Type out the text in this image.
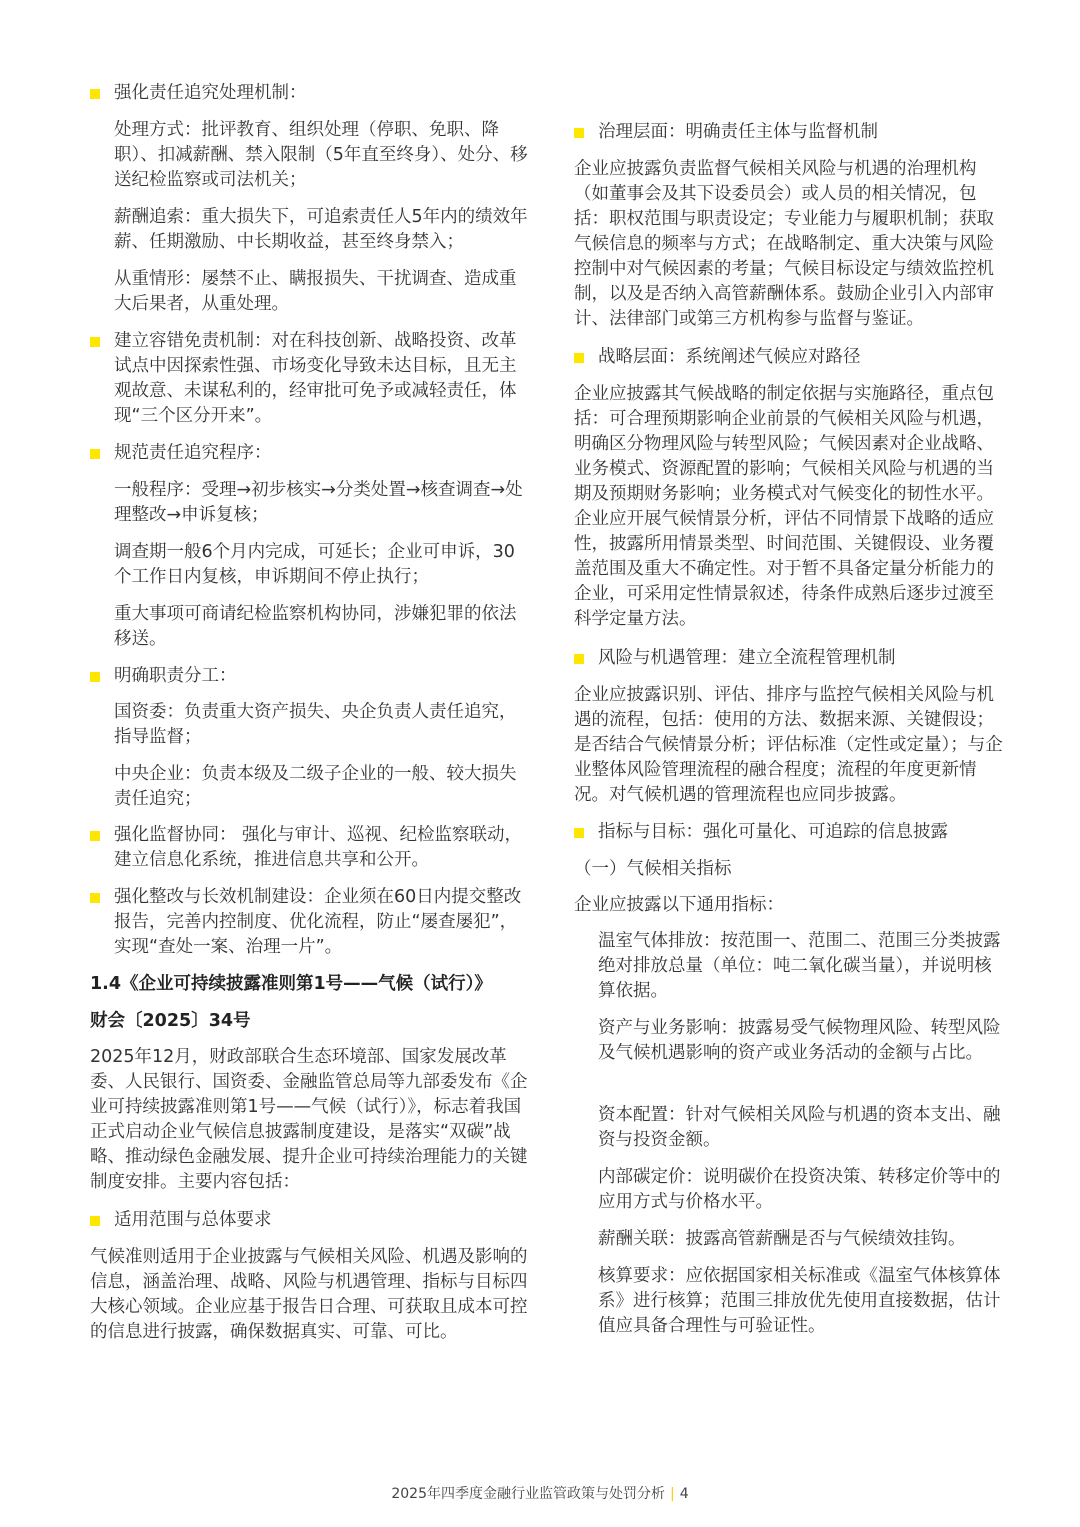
强化责任追究处理机制：

处理方式：批评教育、组织处理（停职、免职、降职）、扣减薪酬、禁入限制（5年直至终身）、处分、移送纪检监察或司法机关；

薪酬追索：重大损失下，可追索责任人5年内的绩效年薪、任期激励、中长期收益，甚至终身禁入；

从重情形：屡禁不止、瞒报损失、干扰调查、造成重大后果者，从重处理。

建立容错免责机制：对在科技创新、战略投资、改革试点中因探索性强、市场变化导致未达目标，且无主观故意、未谋私利的，经审批可免予或减轻责任，体现“三个区分开来”。

规范责任追究程序：

一般程序：受理→初步核实→分类处置→核查调查→处理整改→申诉复核；

调查期一般6个月内完成，可延长；企业可申诉，30个工作日内复核，申诉期间不停止执行；

重大事项可商请纪检监察机构协同，涉嫌犯罪的依法移送。

明确职责分工：

国资委：负责重大资产损失、央企负责人责任追究，指导监督；

中央企业：负责本级及二级子企业的一般、较大损失责任追究；

强化监督协同： 强化与审计、巡视、纪检监察联动，建立信息化系统，推进信息共享和公开。

强化整改与长效机制建设：企业须在60日内提交整改报告，完善内控制度、优化流程，防止“屡查屡犯”，实现“查处一案、治理一片”。

1.4《企业可持续披露准则第1号——气候（试行）》

财会〔2025〕34号

2025年12月，财政部联合生态环境部、国家发展改革委、人民银行、国资委、金融监管总局等九部委发布《企业可持续披露准则第1号——气候（试行）》，标志着我国正式启动企业气候信息披露制度建设，是落实“双碳”战略、推动绿色金融发展、提升企业可持续治理能力的关键制度安排。主要内容包括：

适用范围与总体要求

气候准则适用于企业披露与气候相关风险、机遇及影响的信息，涵盖治理、战略、风险与机遇管理、指标与目标四大核心领域。企业应基于报告日合理、可获取且成本可控的信息进行披露，确保数据真实、可靠、可比。

治理层面：明确责任主体与监督机制

企业应披露负责监督气候相关风险与机遇的治理机构（如董事会及其下设委员会）或人员的相关情况，包括：职权范围与职责设定；专业能力与履职机制；获取气候信息的频率与方式；在战略制定、重大决策与风险控制中对气候因素的考量；气候目标设定与绩效监控机制，以及是否纳入高管薪酬体系。鼓励企业引入内部审计、法律部门或第三方机构参与监督与鉴证。

战略层面：系统阐述气候应对路径

企业应披露其气候战略的制定依据与实施路径，重点包括：可合理预期影响企业前景的气候相关风险与机遇，明确区分物理风险与转型风险；气候因素对企业战略、业务模式、资源配置的影响；气候相关风险与机遇的当期及预期财务影响；业务模式对气候变化的韧性水平。企业应开展气候情景分析，评估不同情景下战略的适应性，披露所用情景类型、时间范围、关键假设、业务覆盖范围及重大不确定性。对于暂不具备定量分析能力的企业，可采用定性情景叙述，待条件成熟后逐步过渡至科学定量方法。

风险与机遇管理：建立全流程管理机制

企业应披露识别、评估、排序与监控气候相关风险与机遇的流程，包括：使用的方法、数据来源、关键假设；是否结合气候情景分析；评估标准（定性或定量）；与企业整体风险管理流程的融合程度；流程的年度更新情况。对气候机遇的管理流程也应同步披露。

指标与目标：强化可量化、可追踪的信息披露

（一）气候相关指标

企业应披露以下通用指标：

温室气体排放：按范围一、范围二、范围三分类披露绝对排放总量（单位：吨二氧化碳当量），并说明核算依据。

资产与业务影响：披露易受气候物理风险、转型风险及气候机遇影响的资产或业务活动的金额与占比。

资本配置：针对气候相关风险与机遇的资本支出、融资与投资金额。

内部碳定价：说明碳价在投资决策、转移定价等中的应用方式与价格水平。

薪酬关联：披露高管薪酬是否与气候绩效挂钩。

核算要求：应依据国家相关标准或《温室气体核算体系》进行核算；范围三排放优先使用直接数据，估计值应具备合理性与可验证性。

2025年四季度金融行业监管政策与处罚分析 | 4
